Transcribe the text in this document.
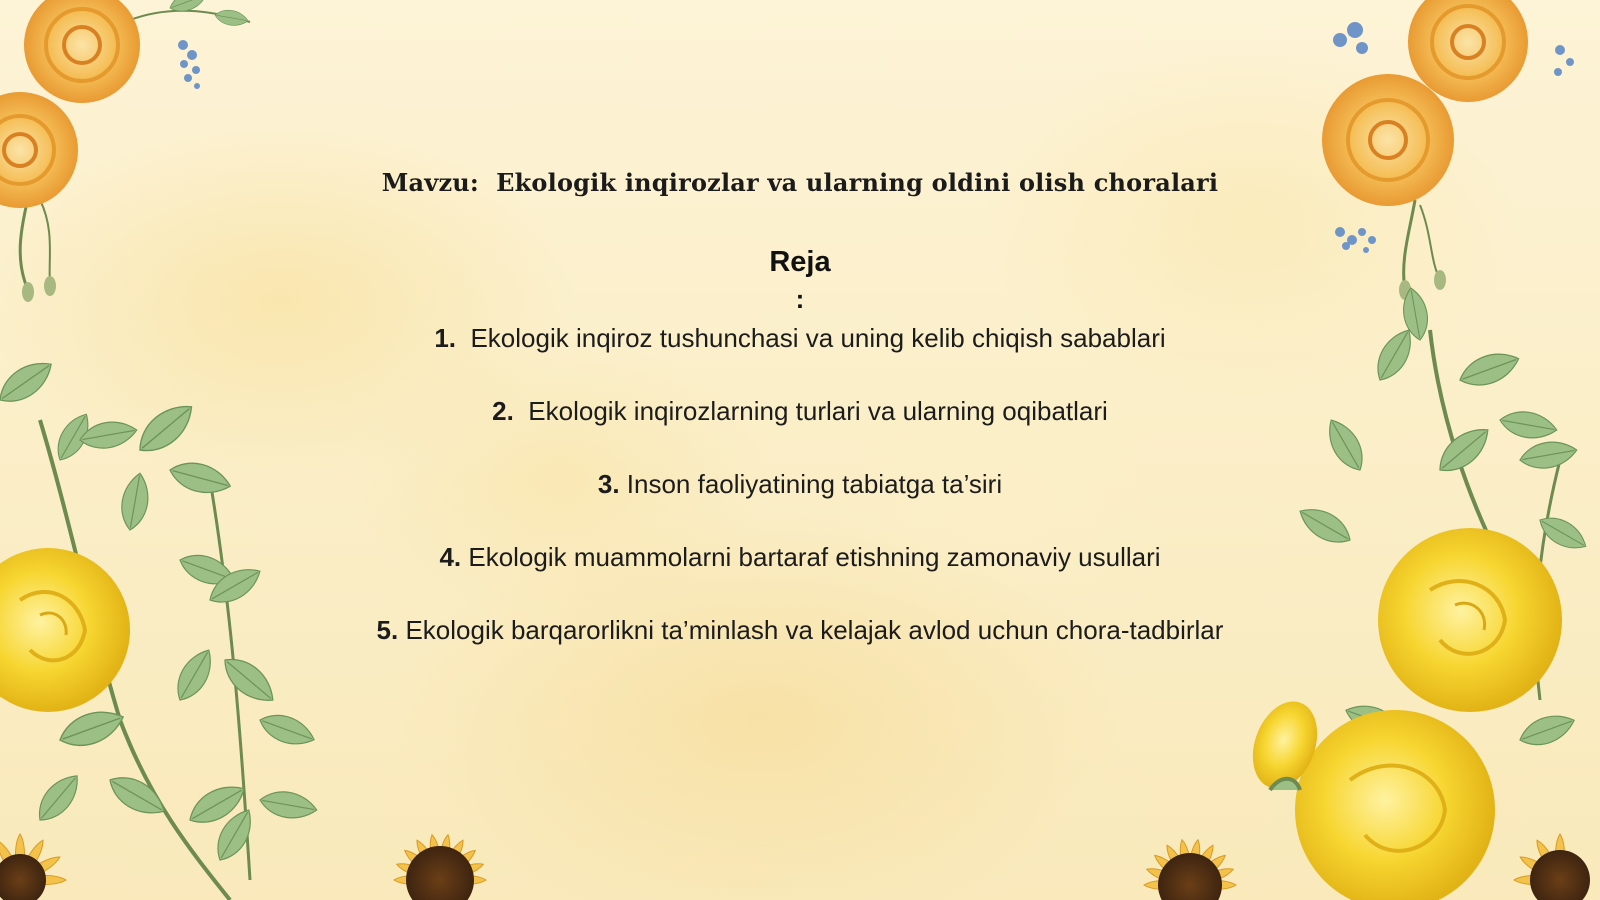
Mavzu:  Ekologik inqirozlar va ularning oldini olish choralari
Reja
:
1.  Ekologik inqiroz tushunchasi va uning kelib chiqish sabablari
2.  Ekologik inqirozlarning turlari va ularning oqibatlari
3. Inson faoliyatining tabiatga ta’siri
4. Ekologik muammolarni bartaraf etishning zamonaviy usullari
5. Ekologik barqarorlikni ta’minlash va kelajak avlod uchun chora-tadbirlar
